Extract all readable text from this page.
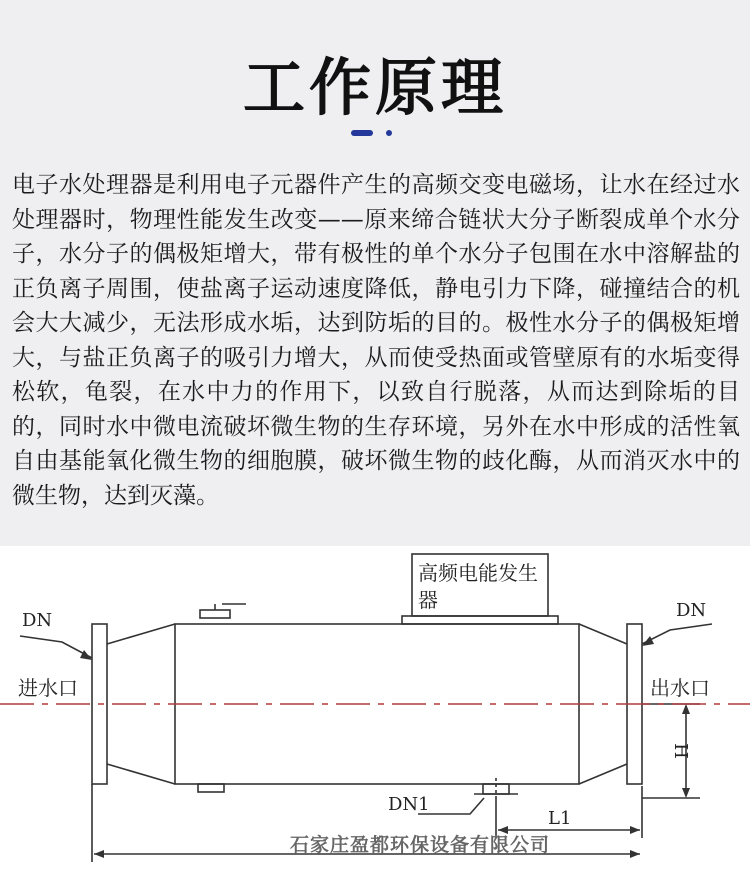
工作原理

电子水处理器是利用电子元器件产生的高频交变电磁场，让水在经过水处理器时，物理性能发生改变——原来缔合链状大分子断裂成单个水分子，水分子的偶极矩增大，带有极性的单个水分子包围在水中溶解盐的正负离子周围，使盐离子运动速度降低，静电引力下降，碰撞结合的机会大大减少，无法形成水垢，达到防垢的目的。极性水分子的偶极矩增大，与盐正负离子的吸引力增大，从而使受热面或管壁原有的水垢变得松软，龟裂，在水中力的作用下，以致自行脱落，从而达到除垢的目的，同时水中微电流破坏微生物的生存环境，另外在水中形成的活性氧自由基能氧化微生物的细胞膜，破坏微生物的歧化酶，从而消灭水中的微生物，达到灭藻。

高频电能发生器
DN	DN
进水口	出水口
DN1
L1
H
石家庄盈都环保设备有限公司
